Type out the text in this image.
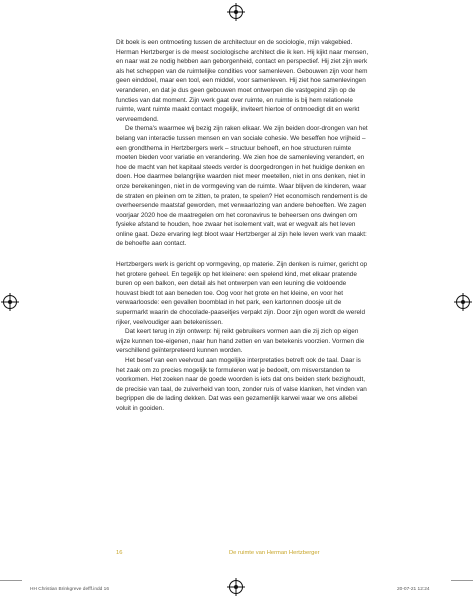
Dit boek is een ontmoeting tussen de architectuur en de sociologie, mijn vakgebied. Herman Hertzberger is de meest sociologische architect die ik ken. Hij kijkt naar mensen, en naar wat ze nodig hebben aan geborgenheid, contact en perspectief. Hij ziet zijn werk als het scheppen van de ruimtelijke condities voor samenleven. Gebouwen zijn voor hem geen einddoel, maar een tool, een middel, voor samenleven. Hij ziet hoe samenlevingen veranderen, en dat je dus geen gebouwen moet ontwerpen die vastgepind zijn op de functies van dat moment. Zijn werk gaat over ruimte, en ruimte is bij hem relationele ruimte, want ruimte maakt contact mogelijk, inviteert hiertoe of ontmoedigt dit en werkt vervreemdend.

De thema's waarmee wij bezig zijn raken elkaar. We zijn beiden door-drongen van het belang van interactie tussen mensen en van sociale cohesie. We beseffen hoe vrijheid – een grondthema in Hertzbergers werk – structuur behoeft, en hoe structuren ruimte moeten bieden voor variatie en verandering. We zien hoe de samenleving verandert, en hoe de macht van het kapitaal steeds verder is doorgedrongen in het huidige denken en doen. Hoe daarmee belangrijke waarden niet meer meetellen, niet in ons denken, niet in onze berekeningen, niet in de vormgeving van de ruimte. Waar blijven de kinderen, waar de straten en pleinen om te zitten, te praten, te spelen? Het economisch rendement is de overheersende maatstaf geworden, met verwaarlozing van andere behoeften. We zagen voorjaar 2020 hoe de maatregelen om het coronavirus te beheersen ons dwingen om fysieke afstand te houden, hoe zwaar het isolement valt, wat er wegvalt als het leven online gaat. Deze ervaring legt bloot waar Hertzberger al zijn hele leven werk van maakt: de behoefte aan contact.

Hertzbergers werk is gericht op vormgeving, op materie. Zijn denken is ruimer, gericht op het grotere geheel. En tegelijk op het kleinere: een spelend kind, met elkaar pratende buren op een balkon, een detail als het ontwerpen van een leuning die voldoende houvast biedt tot aan beneden toe. Oog voor het grote en het kleine, en voor het verwaarloosde: een gevallen boomblad in het park, een kartonnen doosje uit de supermarkt waarin de chocolade-paaseitjes verpakt zijn. Door zijn ogen wordt de wereld rijker, veelvoudiger aan betekenissen.

Dat keert terug in zijn ontwerp: hij reikt gebruikers vormen aan die zij zich op eigen wijze kunnen toe-eigenen, naar hun hand zetten en van betekenis voorzien. Vormen die verschillend geïnterpreteerd kunnen worden.

Het besef van een veelvoud aan mogelijke interpretaties betreft ook de taal. Daar is het zaak om zo precies mogelijk te formuleren wat je bedoelt, om misverstanden te voorkomen. Het zoeken naar de goede woorden is iets dat ons beiden sterk bezighoudt, de precisie van taal, de zuiverheid van toon, zonder ruis of valse klanken, het vinden van begrippen die de lading dekken. Dat was een gezamenlijk karwei waar we ons allebei voluit in gooiden.

16	De ruimte van Herman Hertzberger
HH Christian Brinkgreve defff.indd 16	20-07-21 12:24
